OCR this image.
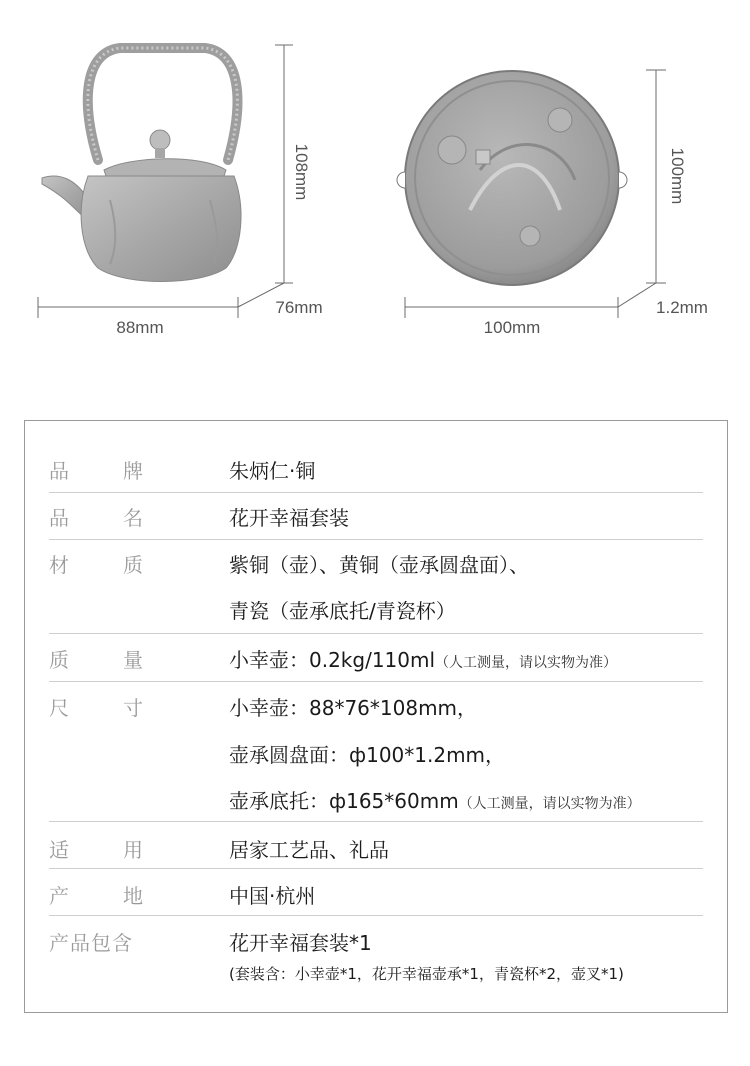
108mm
88mm
76mm
100mm
100mm
1.2mm
品	牌	朱炳仁·铜
品	名	花开幸福套装
材	质	紫铜（壶）、黄铜（壶承圆盘面）、
青瓷（壶承底托/青瓷杯）
质	量	小幸壶：0.2kg/110ml（人工测量，请以实物为准）
尺	寸	小幸壶：88*76*108mm，
壶承圆盘面：ф100*1.2mm，
壶承底托：ф165*60mm（人工测量，请以实物为准）
适	用	居家工艺品、礼品
产	地	中国·杭州
产品包含	花开幸福套装*1
(套装含：小幸壶*1，花开幸福壶承*1，青瓷杯*2，壶叉*1)
